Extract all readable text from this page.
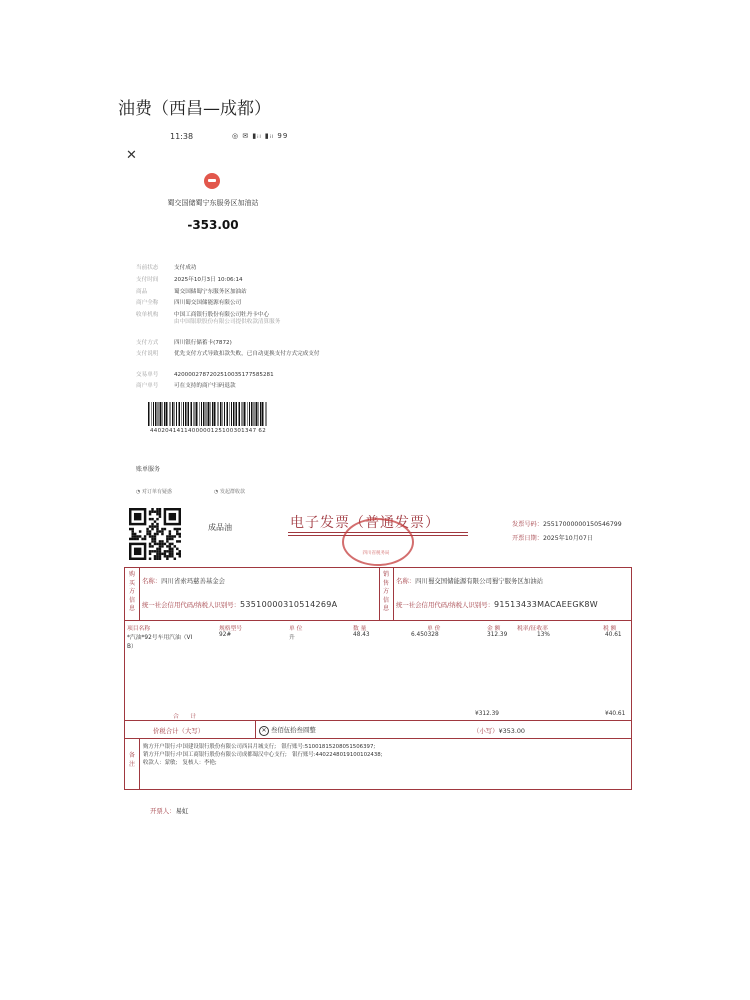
油费（西昌—成都）
11:38	◎ ✉ ▮ᵢₗ ▮ᵢₗ 99
✕
蜀交国储蜀宁东服务区加油站
-353.00
当前状态	支付成功
支付时间	2025年10月3日 10:06:14
商品	蜀交国储蜀宁东服务区加油站
商户全称	四川蜀交国储能源有限公司
收单机构	中国工商银行股份有限公司牡丹卡中心
由中国银联股份有限公司提供收款清算服务
支付方式	四川银行储蓄卡(7872)
支付说明	优先支付方式导致扣款失败，已自动更换支付方式完成支付
交易单号	4200002787202510035177585281
商户单号	可在支持的商户扫码退款
4402041411400000125100301347 62
账单服务
◔ 对订单有疑惑	◔ 发起群收款
成品油	电子发票（普通发票）
四川省税务局
发票号码：25517000000150546799
开票日期：2025年10月07日
购买方信息
销售方信息
名称：四川省索玛慈善基金会
统一社会信用代码/纳税人识别号：53510000310514269A
名称：四川蜀交国储能源有限公司蜀宁服务区加油站
统一社会信用代码/纳税人识别号：91513433MACAEEGK8W
项目名称	规格型号	单 位	数 量	单 价	金 额	税率/征收率	税 额
*汽油*92号车用汽油（VI
B）
92#	升	48.43	6.450328	312.39	13%	40.61
合　　计	¥312.39	¥40.61
价税合计（大写）	✕ 叁佰伍拾叁圆整	（小写）¥353.00
备注
购方开户银行:中国建设银行股份有限公司西昌月城支行;　银行账号:51001815208051506397;
销方开户银行:中国工商银行股份有限公司成都蜀汉中心支行;　银行账号:4402248019100102438;
收款人：蒙敏;　复核人：李艳;
开票人：易虹
